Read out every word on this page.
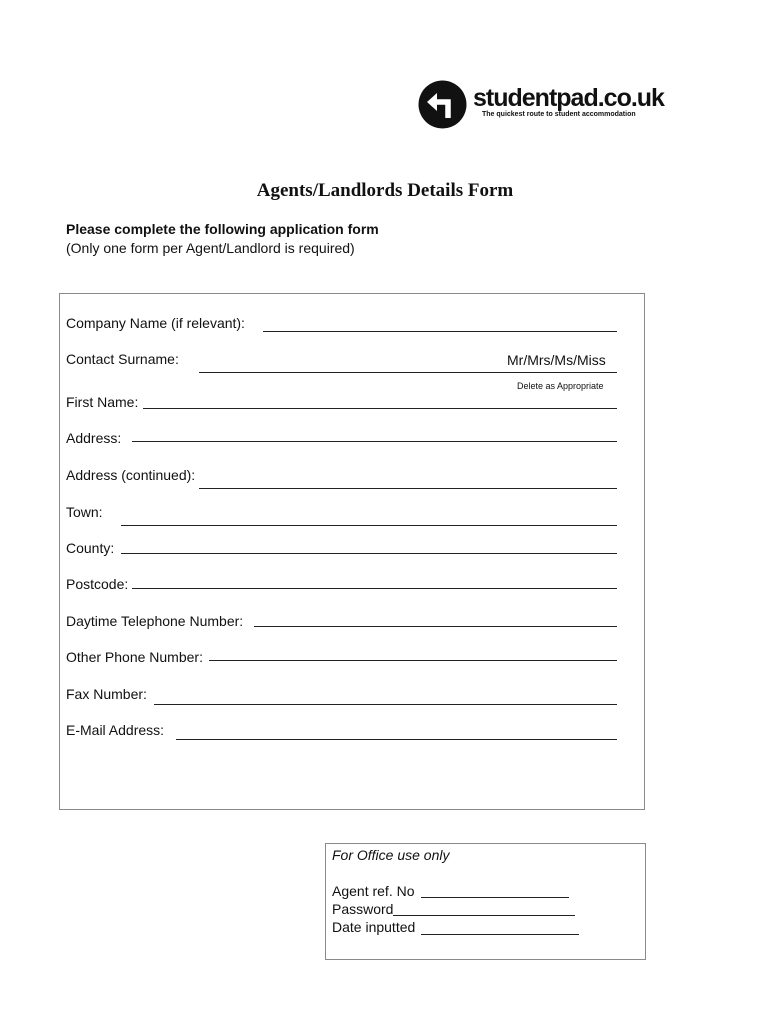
studentpad.co.uk
The quickest route to student accommodation
Agents/Landlords Details Form
Please complete the following application form
(Only one form per Agent/Landlord is required)
Company Name (if relevant):
Contact Surname:	Mr/Mrs/Ms/Miss
Delete as Appropriate
First Name:
Address:
Address (continued):
Town:
County:
Postcode:
Daytime Telephone Number:
Other Phone Number:
Fax Number:
E-Mail Address:
For Office use only
Agent ref. No
Password
Date inputted
